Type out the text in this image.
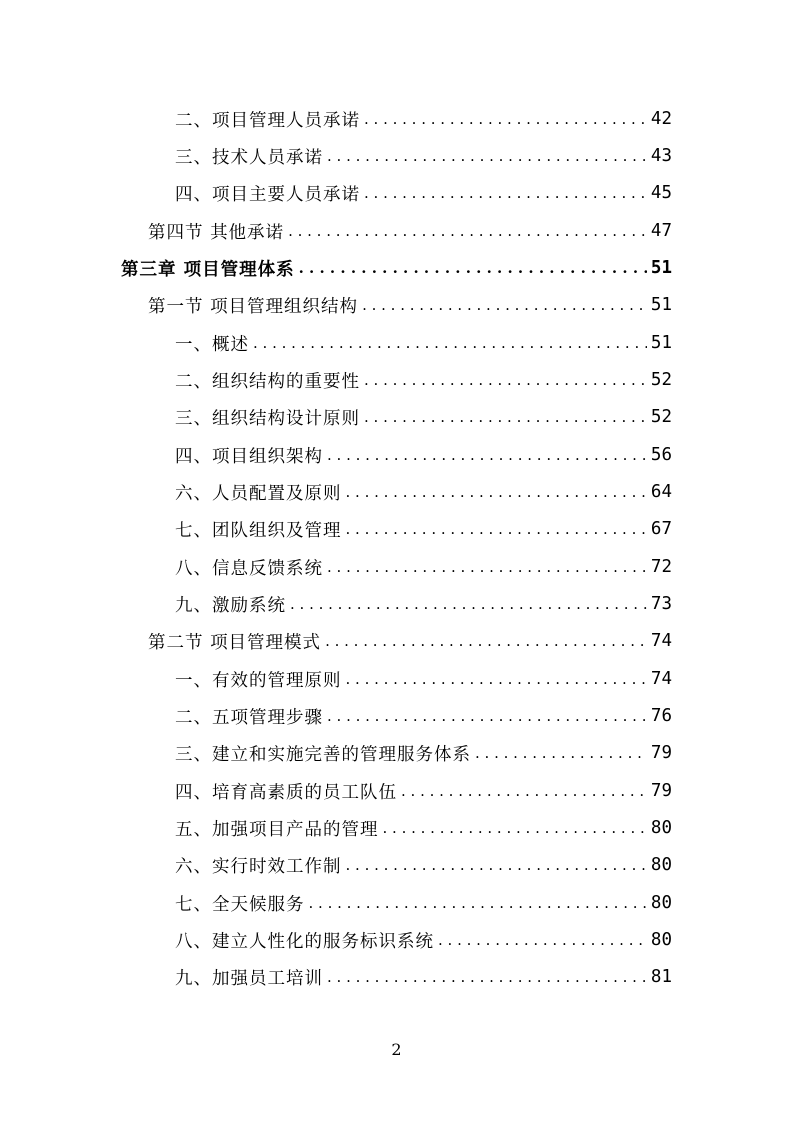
二、项目管理人员承诺 . . .	42
三、技术人员承诺 . . .	43
四、项目主要人员承诺 . . .	45
第四节 其他承诺 . . .	47
第三章 项目管理体系 . . .	51
第一节 项目管理组织结构 . . .	51
一、概述 . . .	51
二、组织结构的重要性 . . .	52
三、组织结构设计原则 . . .	52
四、项目组织架构 . . .	56
六、人员配置及原则 . . .	64
七、团队组织及管理 . . .	67
八、信息反馈系统 . . .	72
九、激励系统 . . .	73
第二节 项目管理模式 . . .	74
一、有效的管理原则 . . .	74
二、五项管理步骤 . . .	76
三、建立和实施完善的管理服务体系 . . .	79
四、培育高素质的员工队伍 . . .	79
五、加强项目产品的管理 . . .	80
六、实行时效工作制 . . .	80
七、全天候服务 . . .	80
八、建立人性化的服务标识系统 . . .	80
九、加强员工培训 . . .	81
2
